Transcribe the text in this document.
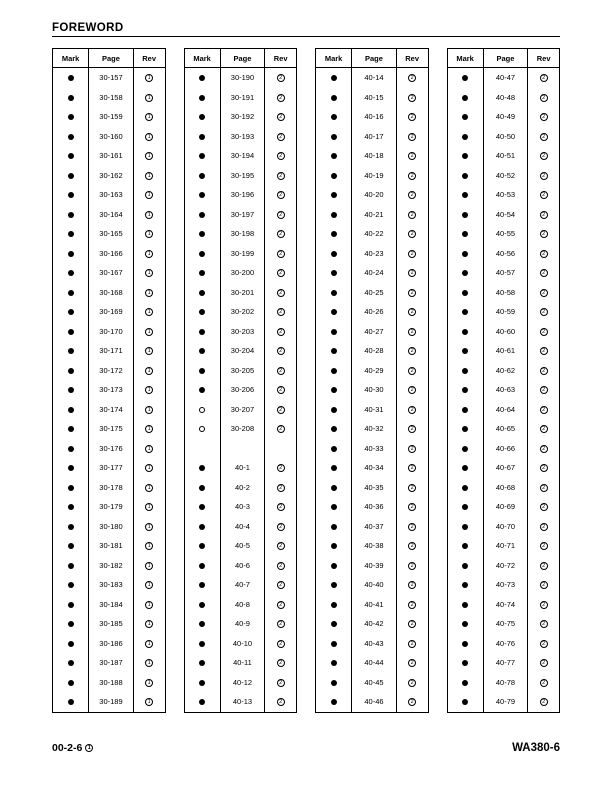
FOREWORD
Mark	Page	Rev
	30-157	1
	30-158	1
	30-159	1
	30-160	1
	30-161	1
	30-162	1
	30-163	1
	30-164	1
	30-165	1
	30-166	1
	30-167	1
	30-168	1
	30-169	1
	30-170	1
	30-171	1
	30-172	1
	30-173	1
	30-174	1
	30-175	1
	30-176	1
	30-177	1
	30-178	1
	30-179	1
	30-180	1
	30-181	1
	30-182	1
	30-183	1
	30-184	1
	30-185	1
	30-186	1
	30-187	1
	30-188	1
	30-189	1
Mark	Page	Rev
	30-190	2
	30-191	2
	30-192	2
	30-193	2
	30-194	2
	30-195	2
	30-196	2
	30-197	2
	30-198	2
	30-199	2
	30-200	2
	30-201	2
	30-202	2
	30-203	2
	30-204	2
	30-205	2
	30-206	2
	30-207	2
	30-208	2

	40-1	2
	40-2	2
	40-3	2
	40-4	2
	40-5	2
	40-6	2
	40-7	2
	40-8	2
	40-9	2
	40-10	2
	40-11	2
	40-12	2
	40-13	2
Mark	Page	Rev
	40-14	2
	40-15	2
	40-16	2
	40-17	2
	40-18	2
	40-19	2
	40-20	2
	40-21	2
	40-22	2
	40-23	2
	40-24	2
	40-25	2
	40-26	2
	40-27	2
	40-28	2
	40-29	2
	40-30	2
	40-31	2
	40-32	2
	40-33	2
	40-34	2
	40-35	2
	40-36	2
	40-37	2
	40-38	2
	40-39	2
	40-40	2
	40-41	2
	40-42	2
	40-43	2
	40-44	2
	40-45	2
	40-46	2
Mark	Page	Rev
	40-47	2
	40-48	2
	40-49	2
	40-50	2
	40-51	2
	40-52	2
	40-53	2
	40-54	2
	40-55	2
	40-56	2
	40-57	2
	40-58	2
	40-59	2
	40-60	2
	40-61	2
	40-62	2
	40-63	2
	40-64	2
	40-65	2
	40-66	2
	40-67	2
	40-68	2
	40-69	2
	40-70	2
	40-71	2
	40-72	2
	40-73	2
	40-74	2
	40-75	2
	40-76	2
	40-77	2
	40-78	2
	40-79	2
00-2-6 1	WA380-6
